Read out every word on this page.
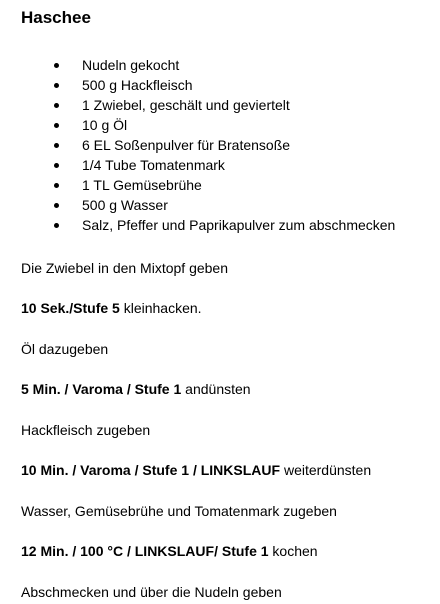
Haschee
Nudeln gekocht
500 g Hackfleisch
1 Zwiebel, geschält und geviertelt
10 g Öl
6 EL Soßenpulver für Bratensoße
1/4 Tube Tomatenmark
1 TL Gemüsebrühe
500 g Wasser
Salz, Pfeffer und Paprikapulver zum abschmecken

Die Zwiebel in den Mixtopf geben

10 Sek./Stufe 5 kleinhacken.

Öl dazugeben

5 Min. / Varoma / Stufe 1 andünsten

Hackfleisch zugeben

10 Min. / Varoma / Stufe 1 / LINKSLAUF weiterdünsten

Wasser, Gemüsebrühe und Tomatenmark zugeben

12 Min. / 100 °C / LINKSLAUF/ Stufe 1 kochen

Abschmecken und über die Nudeln geben
